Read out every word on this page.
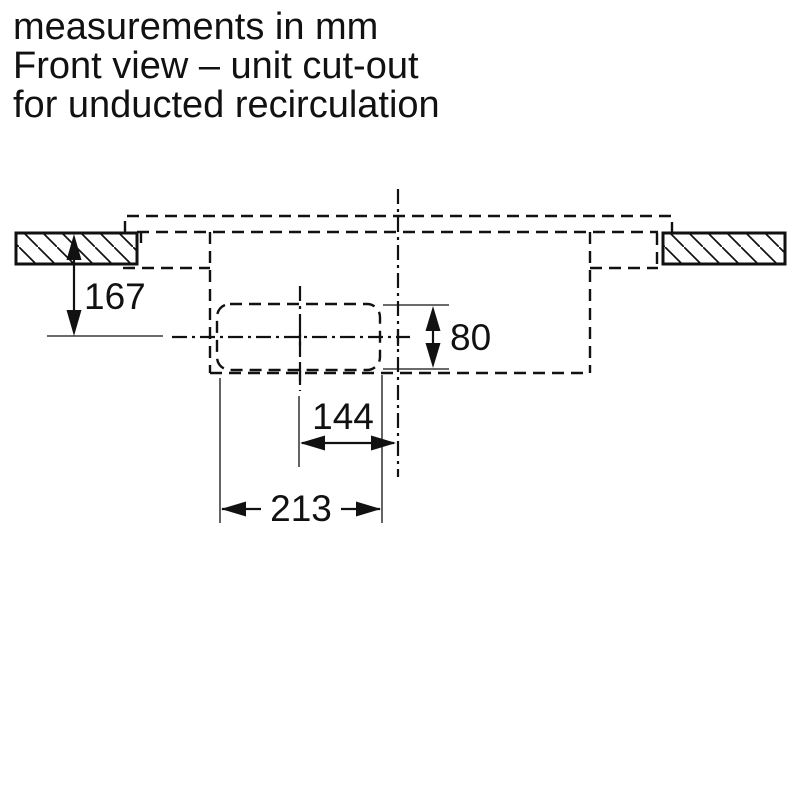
measurements in mm
Front view – unit cut-out
for unducted recirculation
167
80
144
213
